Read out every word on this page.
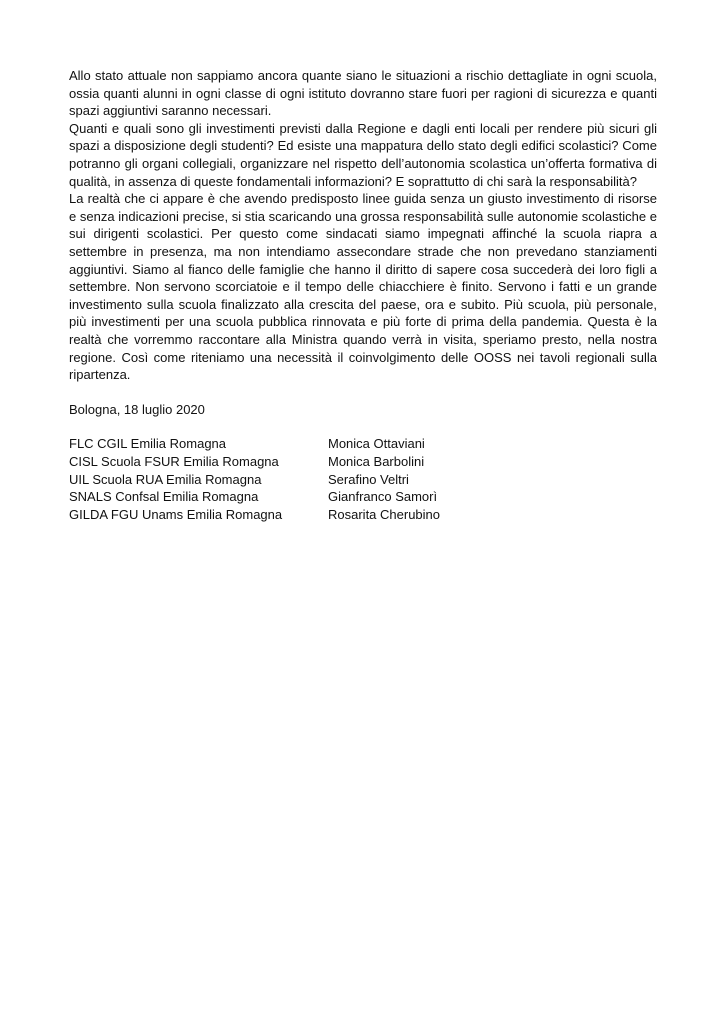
Allo stato attuale non sappiamo ancora quante siano le situazioni a rischio dettagliate in ogni scuola, ossia quanti alunni in ogni classe di ogni istituto dovranno stare fuori per ragioni di sicurezza e quanti spazi aggiuntivi saranno necessari.

Quanti e quali sono gli investimenti previsti dalla Regione e dagli enti locali per rendere più sicuri gli spazi a disposizione degli studenti? Ed esiste una mappatura dello stato degli edifici scolastici? Come potranno gli organi collegiali, organizzare nel rispetto dell’autonomia scolastica un’offerta formativa di qualità, in assenza di queste fondamentali informazioni? E soprattutto di chi sarà la responsabilità?

La realtà che ci appare è che avendo predisposto linee guida senza un giusto investimento di risorse e senza indicazioni precise, si stia scaricando una grossa responsabilità sulle autonomie scolastiche e sui dirigenti scolastici. Per questo come sindacati siamo impegnati affinché la scuola riapra a settembre in presenza, ma non intendiamo assecondare strade che non prevedano stanziamenti aggiuntivi. Siamo al fianco delle famiglie che hanno il diritto di sapere cosa succederà dei loro figli a settembre. Non servono scorciatoie e il tempo delle chiacchiere è finito. Servono i fatti e un grande investimento sulla scuola finalizzato alla crescita del paese, ora e subito. Più scuola, più personale, più investimenti per una scuola pubblica rinnovata e più forte di prima della pandemia. Questa è la realtà che vorremmo raccontare alla Ministra quando verrà in visita, speriamo presto, nella nostra regione. Così come riteniamo una necessità il coinvolgimento delle OOSS nei tavoli regionali sulla ripartenza.

Bologna, 18 luglio 2020

FLC CGIL Emilia Romagna	Monica Ottaviani
CISL Scuola FSUR Emilia Romagna	Monica Barbolini
UIL Scuola RUA Emilia Romagna	Serafino Veltri
SNALS Confsal Emilia Romagna	Gianfranco Samorì
GILDA FGU Unams Emilia Romagna	Rosarita Cherubino
